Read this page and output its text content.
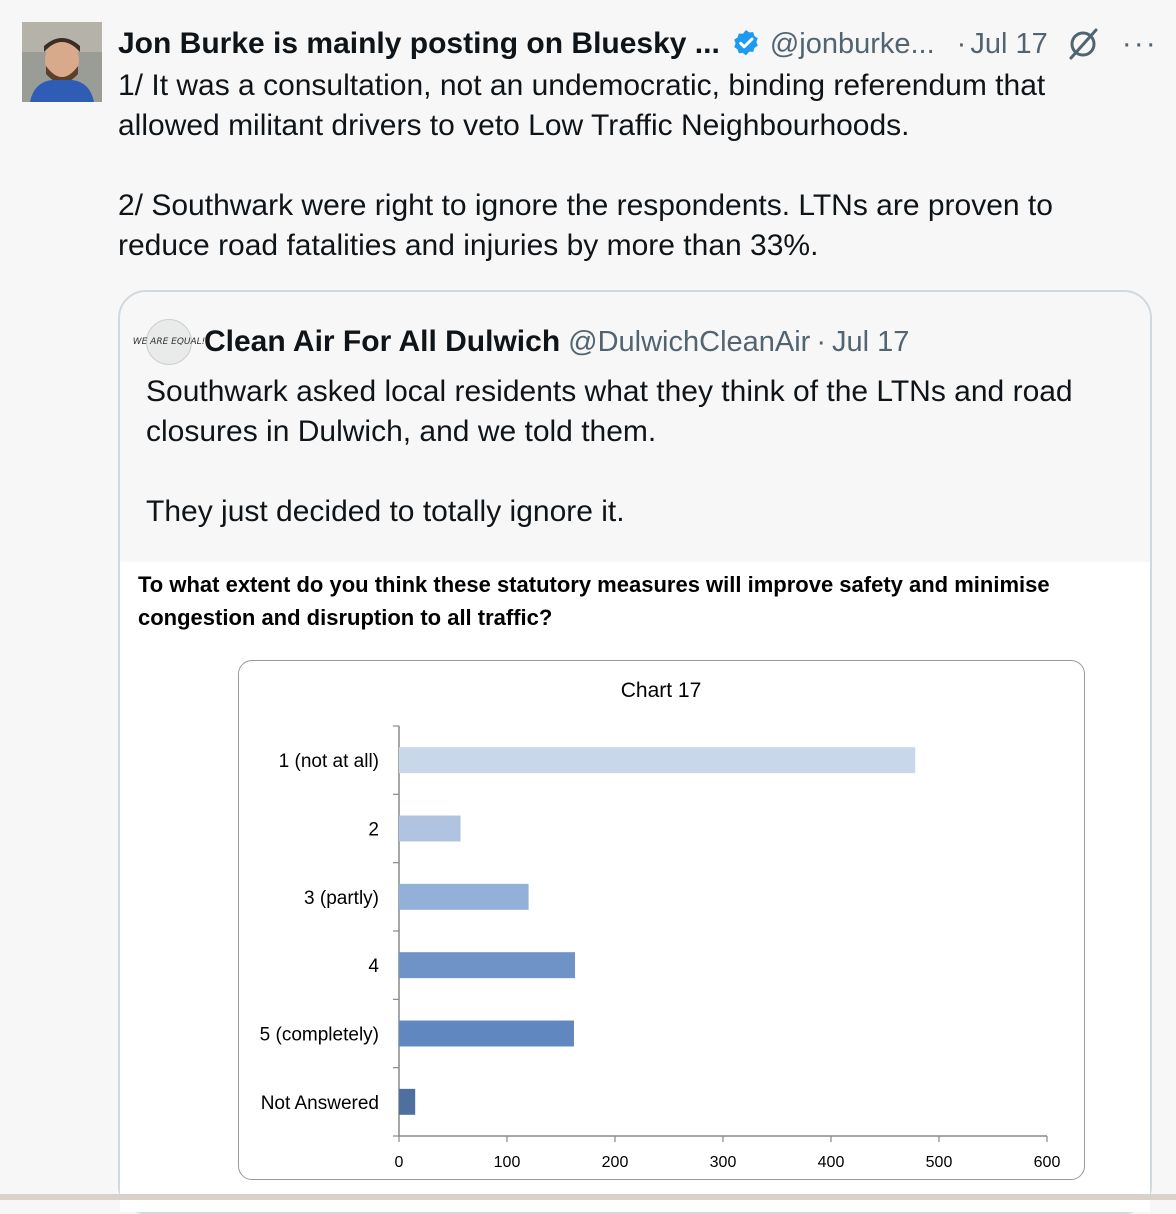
Jon Burke is mainly posting on Bluesky ... @jonburke... · Jul 17 ···
1/ It was a consultation, not an undemocratic, binding referendum that allowed militant drivers to veto Low Traffic Neighbourhoods.

2/ Southwark were right to ignore the respondents. LTNs are proven to reduce road fatalities and injuries by more than 33%.
WE ARE EQUAL!
Clean Air For All Dulwich @DulwichCleanAir · Jul 17
Southwark asked local residents what they think of the LTNs and road closures in Dulwich, and we told them.

They just decided to totally ignore it.
To what extent do you think these statutory measures will improve safety and minimise congestion and disruption to all traffic?
Chart 17
1 (not at all)
2
3 (partly)
4
5 (completely)
Not Answered
0	100	200	300	400	500	600
